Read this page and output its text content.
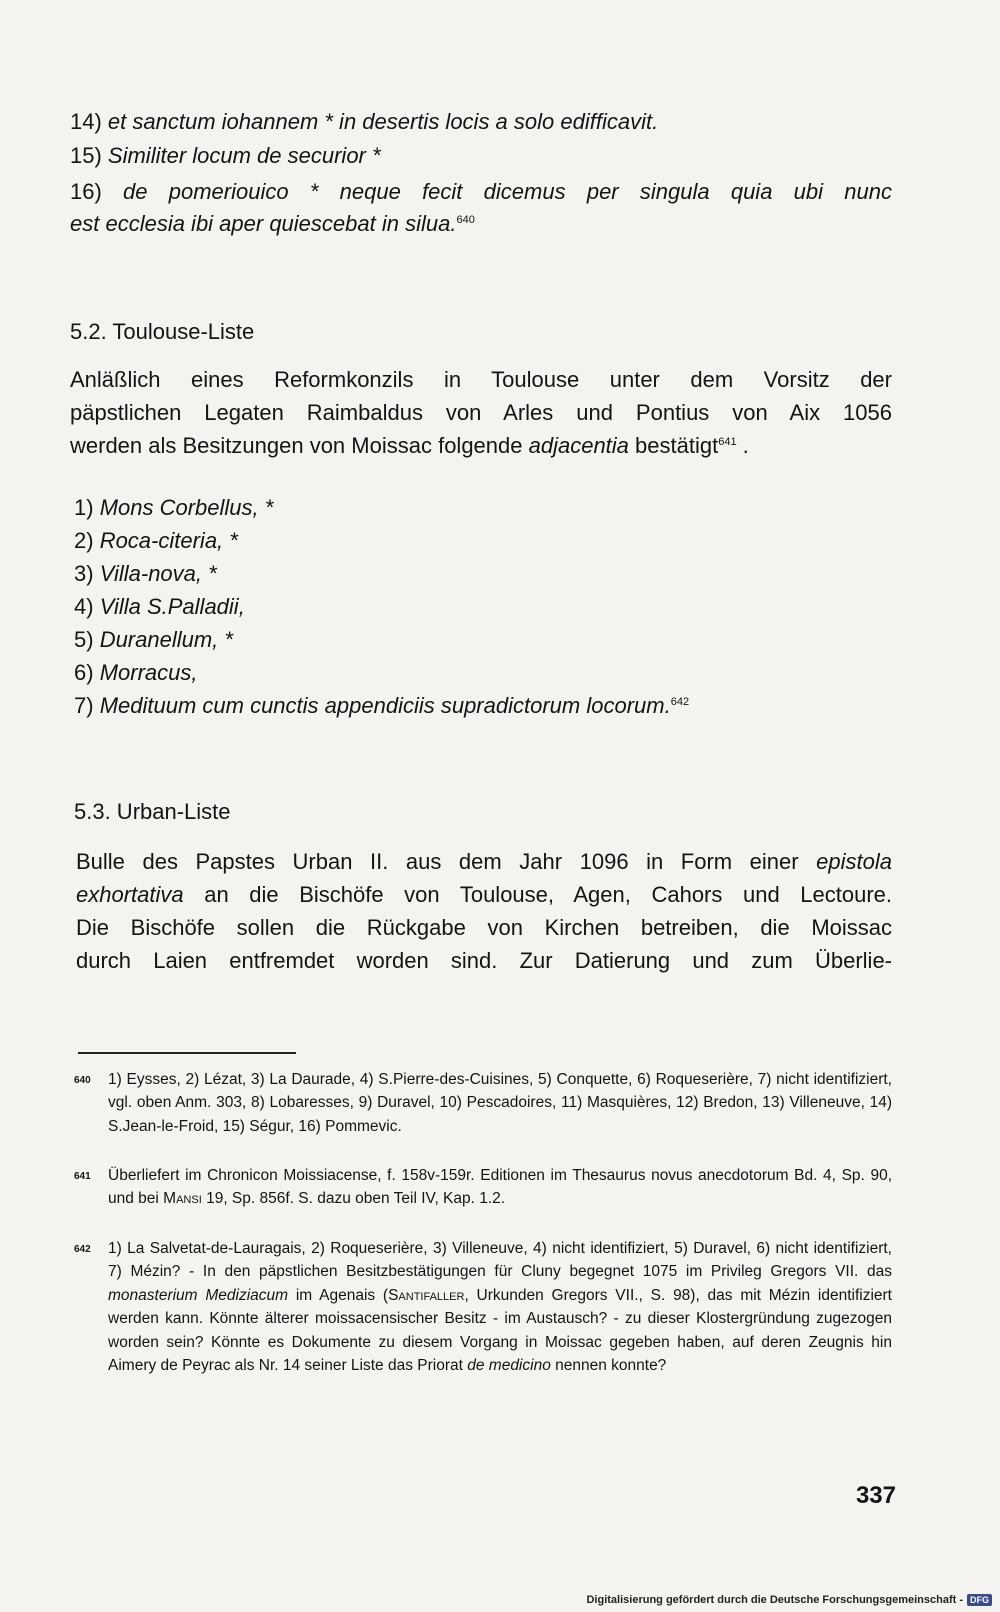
14) et sanctum iohannem * in desertis locis a solo edifficavit.
15) Similiter locum de securior *
16) de pomeriouico * neque fecit dicemus per singula quia ubi nunc
est ecclesia ibi aper quiescebat in silua.$^{640}$
5.2. Toulouse-Liste
Anläßlich eines Reformkonzils in Toulouse unter dem Vorsitz der
päpstlichen Legaten Raimbaldus von Arles und Pontius von Aix 1056
werden als Besitzungen von Moissac folgende adjacentia bestätigt$^{641}$ .
1) Mons Corbellus, *
2) Roca-citeria, *
3) Villa-nova, *
4) Villa S.Palladii,
5) Duranellum, *
6) Morracus,
7) Medituum cum cunctis appendiciis supradictorum locorum.$^{642}$
5.3. Urban-Liste
Bulle des Papstes Urban II. aus dem Jahr 1096 in Form einer epistola
exhortativa an die Bischöfe von Toulouse, Agen, Cahors und Lectoure.
Die Bischöfe sollen die Rückgabe von Kirchen betreiben, die Moissac
durch Laien entfremdet worden sind. Zur Datierung und zum Überlie-
640 1) Eysses, 2) Lézat, 3) La Daurade, 4) S.Pierre-des-Cuisines, 5) Conquette, 6) Roqueserière, 7) nicht identifiziert, vgl. oben Anm. 303, 8) Lobaresses, 9) Duravel, 10) Pescadoires, 11) Masquières, 12) Bredon, 13) Villeneuve, 14) S.Jean-le-Froid, 15) Ségur, 16) Pommevic.
641 Überliefert im Chronicon Moissiacense, f. 158v-159r. Editionen im Thesaurus novus anecdotorum Bd. 4, Sp. 90, und bei Mansi 19, Sp. 856f. S. dazu oben Teil IV, Kap. 1.2.
642 1) La Salvetat-de-Lauragais, 2) Roqueserière, 3) Villeneuve, 4) nicht identifiziert, 5) Duravel, 6) nicht identifiziert, 7) Mézin? - In den päpstlichen Besitzbestätigungen für Cluny begegnet 1075 im Privileg Gregors VII. das monasterium Mediziacum im Agenais (Santifaller, Urkunden Gregors VII., S. 98), das mit Mézin identifiziert werden kann. Könnte älterer moissacensischer Besitz - im Austausch? - zu dieser Klostergründung zugezogen worden sein? Könnte es Dokumente zu diesem Vorgang in Moissac gegeben haben, auf deren Zeugnis hin Aimery de Peyrac als Nr. 14 seiner Liste das Priorat de medicino nennen konnte?
337
Digitalisierung gefördert durch die Deutsche Forschungsgemeinschaft - DFG
